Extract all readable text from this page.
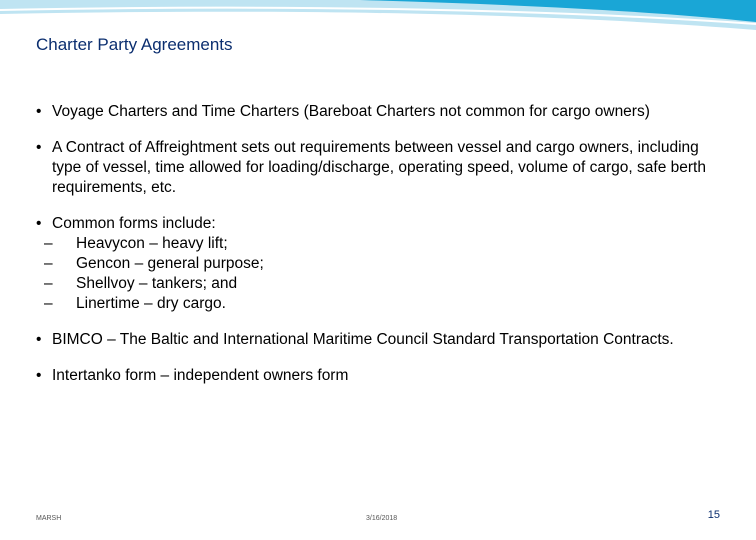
Charter Party Agreements
• Voyage Charters and Time Charters (Bareboat Charters not common for cargo owners)
• A Contract of Affreightment sets out requirements between vessel and cargo owners, including type of vessel, time allowed for loading/discharge, operating speed, volume of cargo, safe berth requirements, etc.
• Common forms include:
– Heavycon – heavy lift;
– Gencon – general purpose;
– Shellvoy – tankers; and
– Linertime – dry cargo.
• BIMCO – The Baltic and International Maritime Council Standard Transportation Contracts.
• Intertanko form – independent owners form
MARSH	3/16/2018	15
